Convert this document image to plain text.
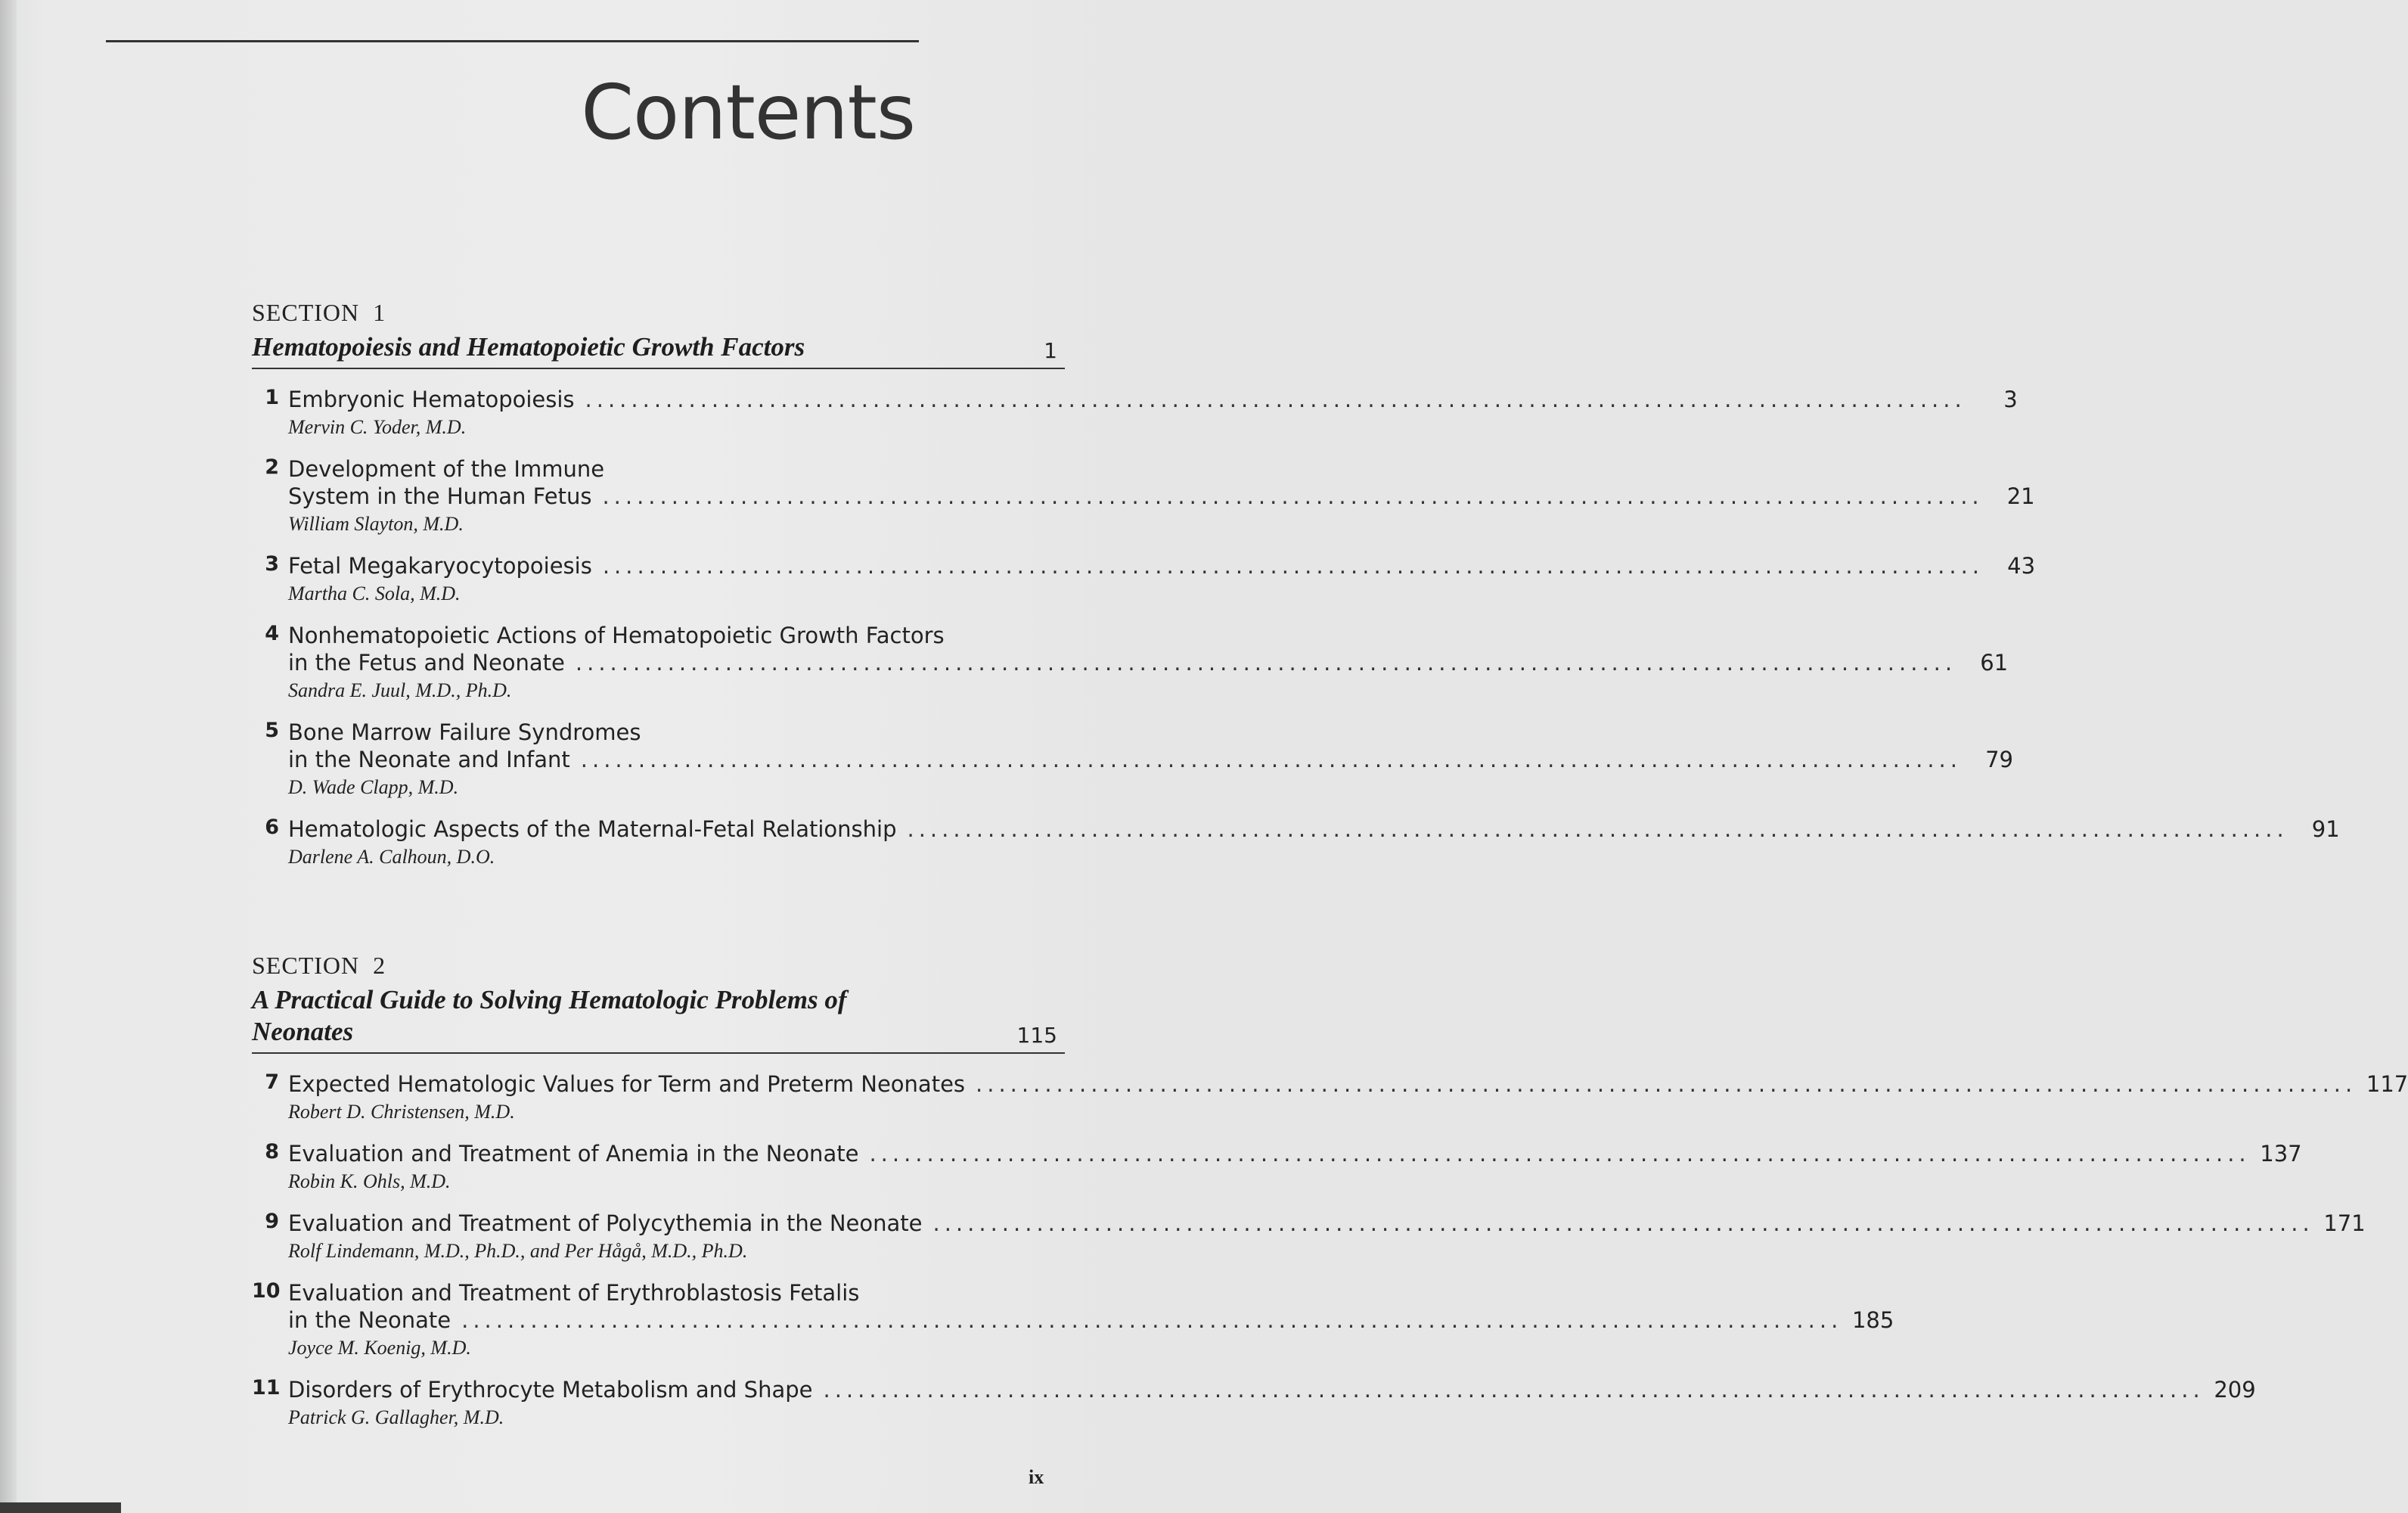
Contents
SECTION 1
Hematopoiesis and Hematopoietic Growth Factors	1
1 Embryonic Hematopoiesis ........................................................................................................................	3
Mervin C. Yoder, M.D.
2 Development of the Immune
System in the Human Fetus ........................................................................................................................	21
William Slayton, M.D.
3 Fetal Megakaryocytopoiesis ........................................................................................................................	43
Martha C. Sola, M.D.
4 Nonhematopoietic Actions of Hematopoietic Growth Factors
in the Fetus and Neonate ........................................................................................................................	61
Sandra E. Juul, M.D., Ph.D.
5 Bone Marrow Failure Syndromes
in the Neonate and Infant ........................................................................................................................	79
D. Wade Clapp, M.D.
6 Hematologic Aspects of the Maternal-Fetal Relationship ........................................................................................................................	91
Darlene A. Calhoun, D.O.
SECTION 2
A Practical Guide to Solving Hematologic Problems of Neonates	115
7 Expected Hematologic Values for Term and Preterm Neonates ........................................................................................................................ 117
Robert D. Christensen, M.D.
8 Evaluation and Treatment of Anemia in the Neonate ........................................................................................................................ 137
Robin K. Ohls, M.D.
9 Evaluation and Treatment of Polycythemia in the Neonate ........................................................................................................................ 171
Rolf Lindemann, M.D., Ph.D., and Per Hågå, M.D., Ph.D.
10 Evaluation and Treatment of Erythroblastosis Fetalis
in the Neonate ........................................................................................................................ 185
Joyce M. Koenig, M.D.
11 Disorders of Erythrocyte Metabolism and Shape ........................................................................................................................ 209
Patrick G. Gallagher, M.D.
ix
